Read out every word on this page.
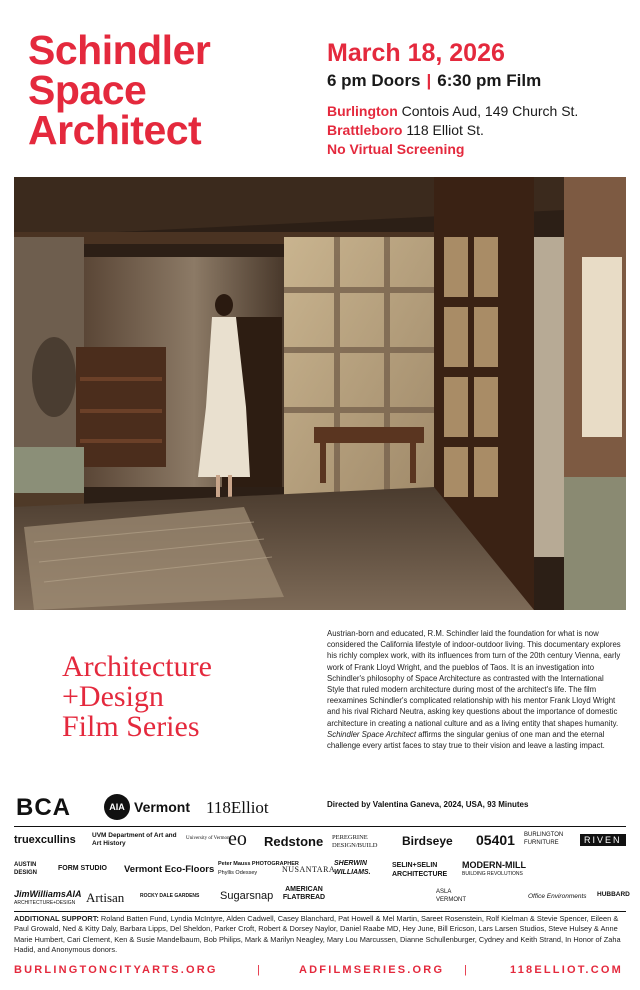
Schindler
Space
Architect
March 18, 2026
6 pm Doors | 6:30 pm Film
Burlington Contois Aud, 149 Church St.
Brattleboro 118 Elliot St.
No Virtual Screening
Architecture
+Design
Film Series
Austrian-born and educated, R.M. Schindler laid the foundation for what is now considered the California lifestyle of indoor-outdoor living. This documentary explores his richly complex work, with its influences from turn of the 20th century Vienna, early work of Frank Lloyd Wright, and the pueblos of Taos. It is an investigation into Schindler's philosophy of Space Architecture as contrasted with the International Style that ruled modern architecture during most of the architect's life. The film reexamines Schindler's complicated relationship with his mentor Frank Lloyd Wright and his rival Richard Neutra, asking key questions about the importance of domestic architecture in creating a national culture and as a living entity that shapes humanity. Schindler Space Architect affirms the singular genius of one man and the eternal challenge every artist faces to stay true to their vision and leave a lasting impact.
Directed by Valentina Ganeva, 2024, USA, 93 Minutes
BCA	AIA Vermont 118Elliot
truexcullins	UVM Department of Art and Art History
University of Vermont
eo Redstone PEREGRINE DESIGN/BUILD	Birdseye 05401 BURLINGTON FURNITURE	RIVEN
AUSTIN DESIGN
FORM STUDIO Vermont Eco-Floors Peter Mauss PHOTOGRAPHER
Phyllis Odessey	NUSANTARA
SHERWIN WILLIAMS.
SELIN+SELIN ARCHITECTURE
MODERN-MILL
BUILDING REVOLUTIONS
JimWilliamsAIA
ARCHITECTURE+DESIGN Artisan	ROCKY DALE GARDENS Sugarsnap
AMERICAN FLATBREAD
ASLA VERMONT	Office Environments HUBBARD
ADDITIONAL SUPPORT: Roland Batten Fund, Lyndia McIntyre, Alden Cadwell, Casey Blanchard, Pat Howell & Mel Martin, Sareet Rosenstein, Rolf Kielman & Stevie Spencer, Eileen & Paul Growald, Ned & Kitty Daly, Barbara Lipps, Del Sheldon, Parker Croft, Robert & Dorsey Naylor, Daniel Raabe MD, Hey June, Bill Ericson, Lars Larsen Studios, Steve Hulsey & Anne Marie Humbert, Cari Clement, Ken & Susie Mandelbaum, Bob Philips, Mark & Marilyn Neagley, Mary Lou Marcussen, Dianne Schullenburger, Cydney and Keith Strand, In Honor of Zaha Hadid, and Anonymous donors.
BURLINGTONCITYARTS.ORG	|	ADFILMSERIES.ORG |	118ELLIOT.COM
